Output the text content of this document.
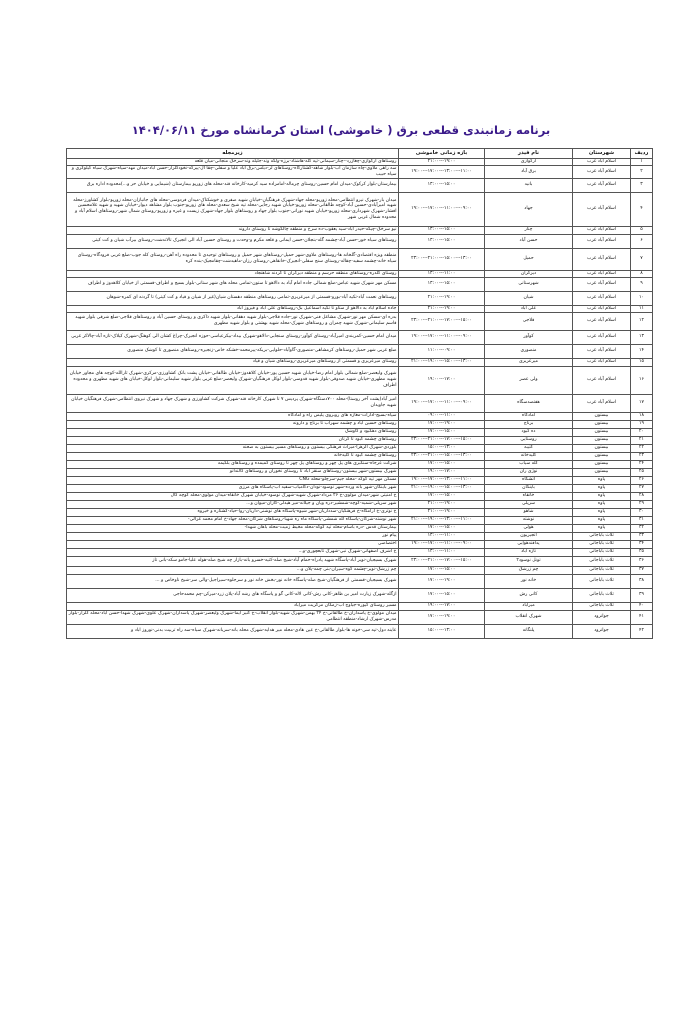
برنامه زمانبندی قطعی برق ( خاموشی) استان کرمانشاه مورخ ۱۴۰۴/۰۶/۱۱
ردیف	شهرستان	نام فیدر	بازه زمانی خاموشی	زیرمجله
۱	اسلام آباد غرب	ارکوازی	۱۹:۰۰---۲۱:۰۰	روستاهای ارکوازی-چغازرد--چنار-سیمانی-تپه کله-هاشتاد-برزه-ولکه وند-جلیله وند-سرخک منجانی-میان قلعه
۲	اسلام آباد غرب	برق آباد	۱۱:۰۰---۱۳:۰۰---۱۷:۰۰---۱۹:۰۰	سه راهی ملاوی-چاه سازمان آب-بلوار شاهد-کشتارگاه-روستاهای لر-دیلس-برق آباد علیا و سفلی-چقا آل-پیرکه-نخودگلزار-حسن آباد-میدان مهد-سپاه-شهرک سیاه کیلوگزی و سپاه حبیب
۳	اسلام آباد غرب	بانید	۱۵:۰۰---۱۳:۰۰	بیمارستان-بلوار کرکوک-میدان امام حسین-روستای چرماله-امامزاده سید کرمیه-کارخانه قند-محله های زورپو بیمارستان (شیمایی و خیابان حر و...)محدوده اداره برق
۴	اسلام آباد غرب	جهاد	۰۹:۰۰---۱۱:۰۰---۱۷:۰۰---۱۹:۰۰	میدان بار-شهرک نیرو انتظامی-محله زورپو-محله جهاد-شهرک فرهنگیان-خیابان شهید صفری و خوشکناک-میدان فردوسی-محله های جانبازان-محله زورپو-بلوار کشاورز-محله شهید امیرآبادی-حسین آباد-کوچه طالقانی-محله زورپو-خیابان شهید رجایی-محله تپه شیخ سعدی-محله های زورپو-جنوب بلوار مشاهد دیوار-خیابان شهید و شهید غلامحسین افشار-شهرک شهرداری-محله زورپو-خیابان شهید نورانی-جنوب بلوار جهاد و روستاهای بلوار جهاد-شهرک زیست و غیره و زورپو-روستای شمال شهر-روستاهای اسلام آباد و محدوده شمال غربی شهر
۵	اسلام آباد غرب	چنار	۱۵:۰۰---۱۳:۰۰	نیو سرخک-چیکه-حیدر آباد-سید یعقوب-ده سرخ و منطقه چالکوشه تا روستای داروند
۶	اسلام آباد غرب	حسن آباد	۱۵:۰۰---۱۳:۰۰	روستاهای سیاه خور-حسن آباد-چشمه گله-بنجلان-حسن ایمانی و قلعه مکرم و-وحدت و روستای حسین آباد الی انجیرک تالاندشت-روستای بیرآب شیان و کت کیتی
۷	اسلام آباد غرب	حمیل	۱۳:۰۰---۱۵:۰۰---۲۱:۰۰---۲۳:۰۰	منطقه ویژه اقتصادی-گلخانه ها-روستاهای ملاوی-شهر حمیل-روستاهای شهر حمیل و روستاهای توحیدی تا محدوده راه آهن-روستای کله جوب-ضلع غربی فرودگاه-روستای سیاه خانه-چشمه سفید-چقاله-روستای سنج سفلی-انجیرک-خانقاهی-روستای رزان-ماهیدشت-چقامجیک-بنده کره
۸	اسلام آباد غرب	دیزگران	۱۱:۰۰---۱۳:۰۰	روستای کلدره-روستاهای منطقه حرسم و منطقه دیزگران تا گردنه شاهنجاد
۹	اسلام آباد غرب	شهرستانی	۱۵:۰۰---۱۳:۰۰	مسکن مهر شهرک شهید عباس-ضلع شمالی جاده امام آباد به دالاهو تا ستون-تمامی محله های شهر ستانی-بلوار بسیج و اطراف-قسمتی از خیابان کلاهدوز و اطراف
۱۰	اسلام آباد غرب	شیان	۱۹:۰۰---۲۱:۰۰	روستاهای نعمت آباد-تکیه آباد-بورو-قسمتی از میرعزیزی-تمامی روستاهای منطقه دهستان شیان(غیر از شیان و قیاد و کت کیتی) تا گردنه ای کمره-شوهان
۱۱	اسلام آباد غرب	علی آباد	۱۹:۰۰---۲۱:۰۰	جاده اسلام آباد به دالاهو از ستاو تا تکیه اسماعیل بک-روستاهای علی آباد و فیروز آباد
۱۲	اسلام آباد غرب	قلاجی	۱۵:۰۰---۱۷:۰۰---۲۱:۰۰---۲۳:۰۰	بدره ای-مسکن مهر نور-شهرک مشاغل فنی-شهرک نور-جاده قلاجی-بلوار شهید دهقانی-بلوار شهید ذاکری و روستای حسین آباد و روستاهای قلاجی-ضلع شرقی بلوار شهید قاسم سلیمانی-شهرک شهید چمران و روستاهای شهرک-محله شهید بهشتی و بلوار شهید مطهری
۱۳	اسلام آباد غرب	کوآور	۰۹:۰۰---۱۱:۰۰---۱۷:۰۰---۱۹:۰۰	میدان امام حسین-کمربندی امیرآباد-روستای کوآور-روستای سنجابی-دالاهو-شهرک بیداد-بیکرعباسی-حوزه انجیرک-چراغ کشان الی کوهنگ-شهرک کیلاک-تازه آباد-چالاکر غربی
۱۴	اسلام آباد غرب	منصوری	۰۹:۰۰---۱۱:۰۰	ضلع غربی شهر حمیل-روستاهای کرمشاهی-منصوری-گاوآباد-حلوایی-بریکه-پیرمحمد-خشکه خاص-زنجیره-روستاهای منصوری تا کوشک منصوری
۱۵	اسلام آباد غرب	میرعزیزی	۱۳:۰۰---۱۵:۰۰---۱۹:۰۰---۲۱:۰۰	روستای میرعزیزی و قسمتی از روستاهای میرعزیزی-روستاهای شیان و قیاد
۱۶	اسلام آباد غرب	ولی عصر	۱۷:۰۰---۱۹:۰۰	شهرک ولیعصر-ضلع شمالی بلوار امام رضا-خیابان شهید حسین پور-خیابان کلاهدوز-خیابان طالقانی-خیابان پشت بانک کشاورزی-مرکزی-شهرک ثارالله-کوچه های مجاور خیابان شهید مطهری-خیابان شهید صدوقی-بلوار شهید قدوسی-بلوار لوکل فرهنگیان-شهرک ولیعصر-ضلع غربی بلوار شهید سلیمانی-بلوار لوکل-خیابان های شهید مطهری و محدوده اطراف
۱۷	اسلام آباد غرب	هفتصدسگاه	۰۹:۰۰---۱۱:۰۰---۱۷:۰۰---۱۹:۰۰	امیر آباد(پشت آخر روستا)-محله ۷۰۰دستگاه-شهرک پردیس ۷ تا شهرک کارخانه قند-شهرک شرکت کشاورزی و شهرک جهاد و شهرک نیروی انتظامی-شهرک فرهنگیان خیابان شهید جاویدان
۱۸	بیستون	آمادگاه	۱۱:۰۰---۰۹:۰۰	سپاه-بسیج-ادارات-مغازه های روبروی پلیس راه و آمادگاه
۱۹	بیستون	برناج	۱۹:۰۰---۱۷:۰۰	روستاهای حسین آباد و چشمه سهراب تا برناج و دارونه
۲۰	بیستون	ده کبود	۱۵:۰۰---۱۷:۰۰	روستاهای دهکبود و کاوشک
۲۱	بیستون	روستایی	۱۵:۰۰---۱۷:۰۰---۲۱:۰۰---۲۳:۰۰	روستاهای چشمه کبود تا کرتان
۲۲	بیستون	کتیبه	۱۳:۰۰---۱۵:۰۰	بلوردی-شهرک الزهرا-میراث فرهنگی بیستون و روستاهای مسیر بیستون به صحنه
۲۳	بیستون	کلیدخانه	۱۳:۰۰---۱۵:۰۰---۲۱:۰۰---۲۳:۰۰	روستاهای چشمه کبود تا کلیدخانه
۲۴	بیستون	کله سیاب	۱۵:۰۰---۱۷:۰۰	شرکت عرجاه-سنگبری های پل چهر و روستاهای پل چهر تا روستای کمیمده و روستاهای بلکیمه
۲۵	بیستون	نوژی ران	۱۷:۰۰---۱۹:۰۰	شهرک بیستون-شهر بیستون-روستاهای سنقر آباد تا روستای نخوران و روستاهای کالندانو
۲۶	پاوه	آتشگاه	۱۱:۰۰---۱۳:۰۰---۱۷:۰۰---۱۹:۰۰	مسکن مهر تپه کوکه -محله جیم-سرچلو-محله CNG
۲۷	پاوه	باینگان	۱۳:۰۰---۱۵:۰۰---۱۹:۰۰---۲۱:۰۰	شهر باینگان-شهر بانه ورده-شهر نوسود-نودان-دکامیاب-سفید آب-پاسگاه های مرزی
۲۸	پاوه	خانقاه	۱۵:۰۰---۱۷:۰۰	خ امنیتی شهر-میدان مولوی-خ ۲۶ مرداد-شهرک شهید-شهرک نوسود-خیابان شهرک خانقاه-میدان مولوی-محله کوچه کال
۲۹	پاوه	سرپلی	۱۹:۰۰---۲۱:۰۰	شهر سرپلی-شمیه-گوچه-شمشیر-دره ویان و جیلانه-میر هیدلی-کازان-میوان و...
۳۰	پاوه	شاهو	۱۹:۰۰---۲۱:۰۰	خ نوتری-خ آرامگاه-خ فرهنگیان-سدداریان-شهر شیوه-پاسگاه های نوشنی-داریان-روا-حیاد-گشتاره و خیروه
۳۱	پاوه	نوشته	۱۱:۰۰---۱۳:۰۰---۱۹:۰۰---۲۱:۰۰	شهر نوشته-شرکان-پاسگاه لله شمشی-پاسگاه ماه ره شهبا-روستاهای شرکان-محله جهاد-خ امام محمد غزالی-
۳۲	پاوه	هولی	۱۵:۰۰---۱۷:۰۰	بیمارستان قدس -دره باسام-محله تپه کوکه-محله مخیط زمیت-محله باهان شهدا-
۳۳	ثلاث باباجانی	انجیریون	۱۱:۰۰---۱۳:۰۰	پیام نور
۳۴	ثلاث باباجانی	پدافندهوایی	۰۹:۰۰---۱۱:۰۰---۱۷:۰۰---۱۹:۰۰	اختصاصی
۳۵	ثلاث باباجانی	تازه آباد	۱۱:۰۰---۱۳:۰۰	خ اشرف اصفهانی-شهرک نبی-شهرک تابعچوری-و...
۳۶	ثلاث باباجانی	تونل نوسود۲	۱۵:۰۰---۱۷:۰۰---۲۱:۰۰---۲۳:۰۰	شهرک بسیجیان-نوبر آباد-پاسگاه شهید پادراه-حمام آباد-شیخ صله-کتیه-خسرو بانه-بازار چه شیخ صله-هوله علیا-جامو سکه-بانی تاز
۳۷	ثلاث باباجانی	چم زرشک	۱۵:۰۰---۱۷:۰۰	چم زرشک-نوبر-چشمه کوه-سیران-بنی چمه-پلان و...
۳۸	ثلاث باباجانی	خانه نور	۱۹:۰۰---۱۷:۰۰	شهرک بسیجیان-قسمتی از فرهنگیان-شیخ صله-پاسگاه خانه نور-بخش خانه نور و سرجلوه-سیراجیل-والی سر-شیخ ناوخاص و ...
۳۹	ثلاث باباجانی	کانی رش	۱۵:۰۰---۱۷:۰۰	ازگله-شهرک زیارت امیر بن ظاهر-کانی رش-کانی لاله-کانی گو و پاسگاه های رشه آباد-پلان زرد-میرکن-چم محمدحاجی
۴۰	ثلاث باباجانی	میرآباد	۱۷:۰۰---۱۹:۰۰	مسیر روستای کیوره-جیاوج آب-زمکان مرکزیت میرآباد
۴۱	جوانرود	شهرک انقلاب	۱۹:۰۰---۱۷:۰۰	میدان مولوی-خ پاسداران-خ طالقانی-خ ۲۴ بهمن-شهرک شهید-بلوار انقلاب-خ کنیز ایما-شهرک ولیعصر-شهرک پاسداران-شهرک علوی-شهرک شهدا-حسن آباد-محله گلزار-بلوار مدرس-شهرک ارشاد-منطقه انتظامی
۴۲	جوانرود	پلنگانه	۱۳:۰۰---۱۵:۰۰	عاینه دول-تپه سی-خونه ها-بلوار طالقانی-خ عین هادی-محله میر هدایه-شهرک محله بانه-سربانه-شهرک سیاه-سه راه تربیت بدنی-نوروز اباد و
